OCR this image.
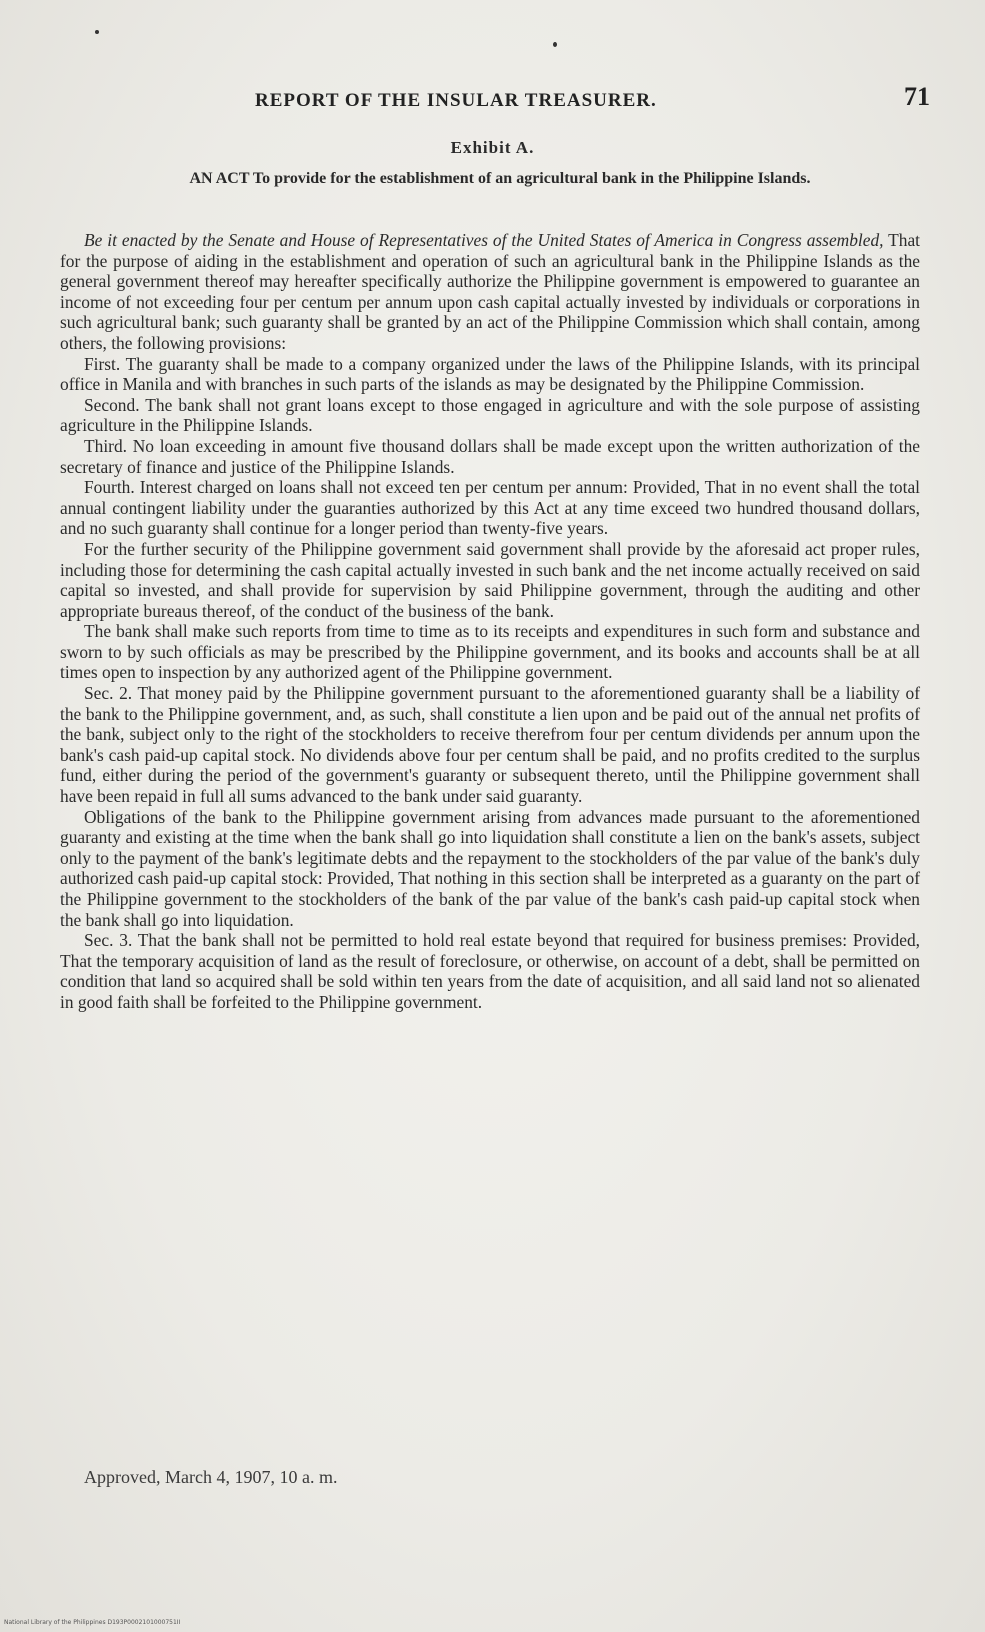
REPORT OF THE INSULAR TREASURER.	71
Exhibit A.
AN ACT To provide for the establishment of an agricultural bank in the Philippine Islands.

Be it enacted by the Senate and House of Representatives of the United States of America in Congress assembled, That for the purpose of aiding in the establishment and operation of such an agricultural bank in the Philippine Islands as the general government thereof may hereafter specifically authorize the Philippine government is empowered to guarantee an income of not exceeding four per centum per annum upon cash capital actually invested by individuals or corporations in such agricultural bank; such guaranty shall be granted by an act of the Philippine Commission which shall contain, among others, the following provisions:

First. The guaranty shall be made to a company organized under the laws of the Philippine Islands, with its principal office in Manila and with branches in such parts of the islands as may be designated by the Philippine Commission.

Second. The bank shall not grant loans except to those engaged in agriculture and with the sole purpose of assisting agriculture in the Philippine Islands.

Third. No loan exceeding in amount five thousand dollars shall be made except upon the written authorization of the secretary of finance and justice of the Philippine Islands.

Fourth. Interest charged on loans shall not exceed ten per centum per annum: Provided, That in no event shall the total annual contingent liability under the guaranties authorized by this Act at any time exceed two hundred thousand dollars, and no such guaranty shall continue for a longer period than twenty-five years.

For the further security of the Philippine government said government shall provide by the aforesaid act proper rules, including those for determining the cash capital actually invested in such bank and the net income actually received on said capital so invested, and shall provide for supervision by said Philippine government, through the auditing and other appropriate bureaus thereof, of the conduct of the business of the bank.

The bank shall make such reports from time to time as to its receipts and expenditures in such form and substance and sworn to by such officials as may be prescribed by the Philippine government, and its books and accounts shall be at all times open to inspection by any authorized agent of the Philippine government.

Sec. 2. That money paid by the Philippine government pursuant to the aforementioned guaranty shall be a liability of the bank to the Philippine government, and, as such, shall constitute a lien upon and be paid out of the annual net profits of the bank, subject only to the right of the stockholders to receive therefrom four per centum dividends per annum upon the bank's cash paid-up capital stock. No dividends above four per centum shall be paid, and no profits credited to the surplus fund, either during the period of the government's guaranty or subsequent thereto, until the Philippine government shall have been repaid in full all sums advanced to the bank under said guaranty.

Obligations of the bank to the Philippine government arising from advances made pursuant to the aforementioned guaranty and existing at the time when the bank shall go into liquidation shall constitute a lien on the bank's assets, subject only to the payment of the bank's legitimate debts and the repayment to the stockholders of the par value of the bank's duly authorized cash paid-up capital stock: Provided, That nothing in this section shall be interpreted as a guaranty on the part of the Philippine government to the stockholders of the bank of the par value of the bank's cash paid-up capital stock when the bank shall go into liquidation.

Sec. 3. That the bank shall not be permitted to hold real estate beyond that required for business premises: Provided, That the temporary acquisition of land as the result of foreclosure, or otherwise, on account of a debt, shall be permitted on condition that land so acquired shall be sold within ten years from the date of acquisition, and all said land not so alienated in good faith shall be forfeited to the Philippine government.

Approved, March 4, 1907, 10 a. m.
National Library of the Philippines D193P0002101000751II
